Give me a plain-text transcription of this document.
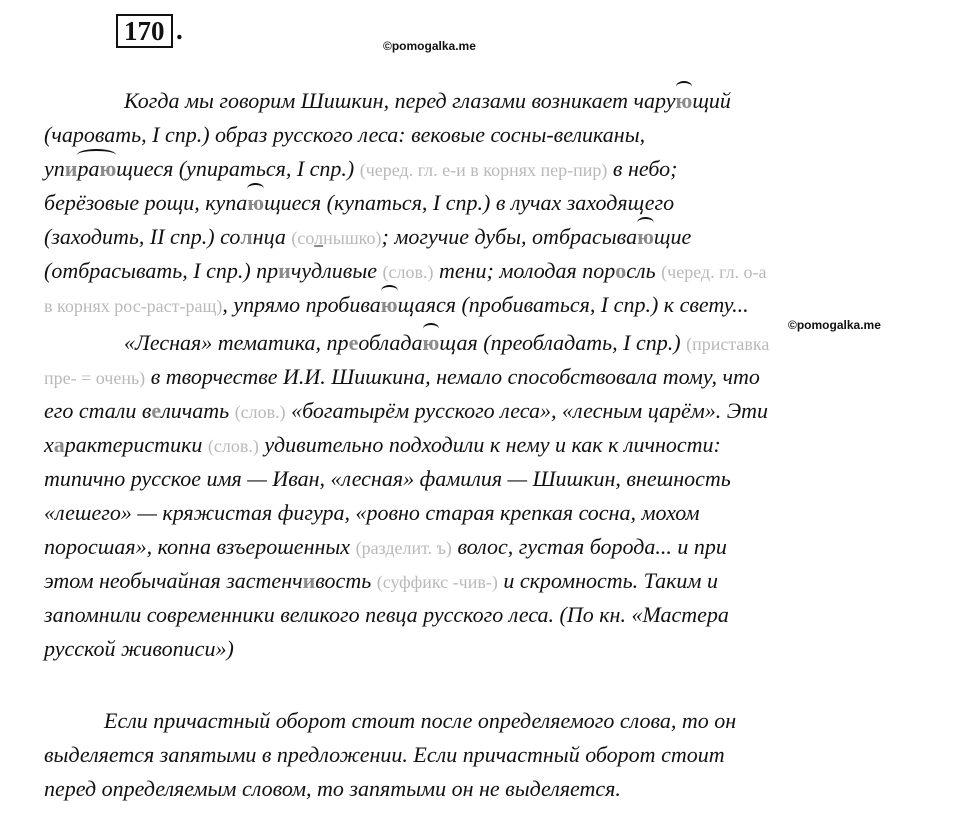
170 .
©pomogalka.me
Когда мы говорим Шишкин, перед глазами возникает чарующий
(чаровать, I спр.) образ русского леса: вековые сосны-великаны,
упирающиеся (упираться, I спр.) (черед. гл. е-и в корнях пер-пир) в небо;
берёзовые рощи, купающиеся (купаться, I спр.) в лучах заходящего
(заходить, II спр.) солнца (солнышко); могучие дубы, отбрасывающие
(отбрасывать, I спр.) причудливые (слов.) тени; молодая поросль (черед. гл. о-а
в корнях рос-раст-ращ), упрямо пробивающаяся (пробиваться, I спр.) к свету...
©pomogalka.me
«Лесная» тематика, преобладающая (преобладать, I спр.) (приставка
пре- = очень) в творчестве И.И. Шишкина, немало способствовала тому, что
его стали величать (слов.) «богатырём русского леса», «лесным царём». Эти
характеристики (слов.) удивительно подходили к нему и как к личности:
типично русское имя — Иван, «лесная» фамилия — Шишкин, внешность
«лешего» — кряжистая фигура, «ровно старая крепкая сосна, мохом
поросшая», копна взъерошенных (разделит. ъ) волос, густая борода... и при
этом необычайная застенчивость (суффикс -чив-) и скромность. Таким и
запомнили современники великого певца русского леса. (По кн. «Мастера
русской живописи»)
Если причастный оборот стоит после определяемого слова, то он
выделяется запятыми в предложении. Если причастный оборот стоит
перед определяемым словом, то запятыми он не выделяется.
